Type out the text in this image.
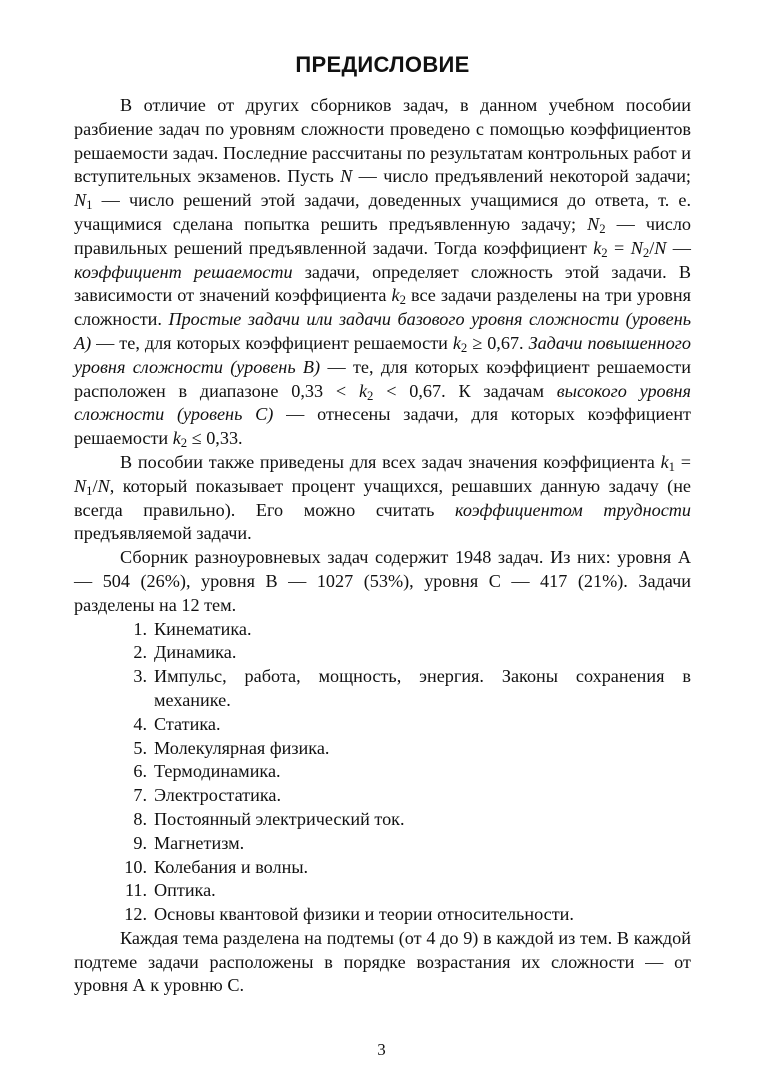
ПРЕДИСЛОВИЕ

В отличие от других сборников задач, в данном учебном пособии разбиение задач по уровням сложности проведено с помощью коэффициентов решаемости задач. Последние рассчитаны по результатам контрольных работ и вступительных экзаменов. Пусть N — число предъявлений некоторой задачи; $N_1$ — число решений этой задачи, доведенных учащимися до ответа, т. е. учащимися сделана попытка решить предъявленную задачу; $N_2$ — число правильных решений предъявленной задачи. Тогда коэффициент $k_2 = N_2/N$ — коэффициент решаемости задачи, определяет сложность этой задачи. В зависимости от значений коэффициента $k_2$ все задачи разделены на три уровня сложности. Простые задачи или задачи базового уровня сложности (уровень А) — те, для которых коэффициент решаемости $k_2 \ge 0,67$. Задачи повышенного уровня сложности (уровень В) — те, для которых коэффициент решаемости расположен в диапазоне $0,33 < k_2 < 0,67$. К задачам высокого уровня сложности (уровень С) — отнесены задачи, для которых коэффициент решаемости $k_2 \le 0,33$.

В пособии также приведены для всех задач значения коэффициента $k_1 = N_1/N$, который показывает процент учащихся, решавших данную задачу (не всегда правильно). Его можно считать коэффициентом трудности предъявляемой задачи.

Сборник разноуровневых задач содержит 1948 задач. Из них: уровня А — 504 (26%), уровня В — 1027 (53%), уровня С — 417 (21%). Задачи разделены на 12 тем.

1. Кинематика.
2. Динамика.
3. Импульс, работа, мощность, энергия. Законы сохранения в механике.
4. Статика.
5. Молекулярная физика.
6. Термодинамика.
7. Электростатика.
8. Постоянный электрический ток.
9. Магнетизм.
10. Колебания и волны.
11. Оптика.
12. Основы квантовой физики и теории относительности.

Каждая тема разделена на подтемы (от 4 до 9) в каждой из тем. В каждой подтеме задачи расположены в порядке возрастания их сложности — от уровня А к уровню С.

3
